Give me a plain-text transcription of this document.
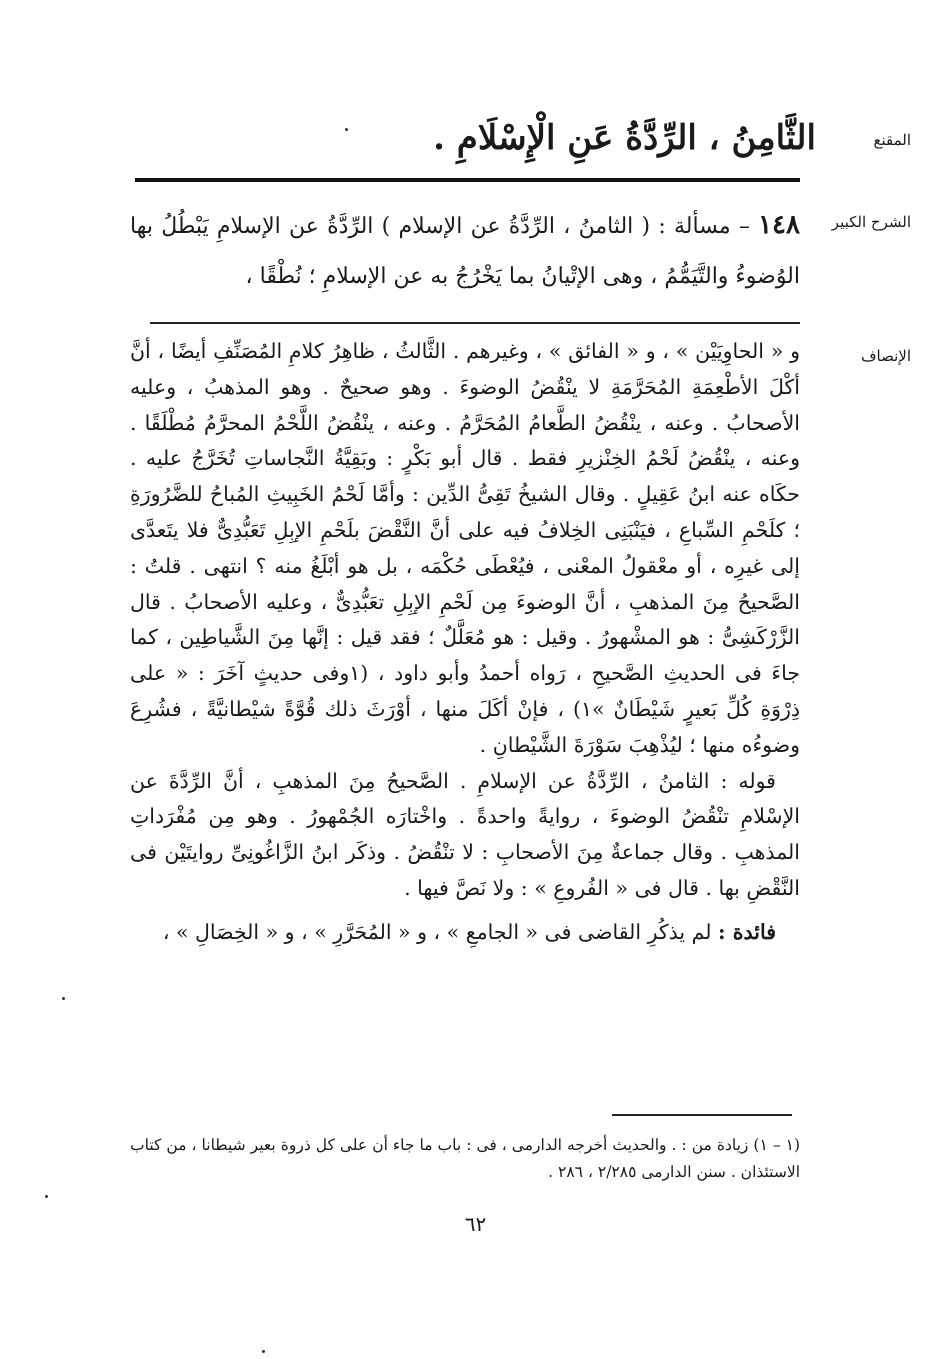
المقنع
الثَّامِنُ ، الرِّدَّةُ عَنِ الْإِسْلَامِ .
الشرح الكبير

١٤٨ – مسألة : ( الثامنُ ، الرِّدَّةُ عن الإسلام ) الرِّدَّةُ عن الإسلامِ يَبْطُلُ بها الوُضوءُ والتَّيَمُّمُ ، وهى الإتْيانُ بما يَخْرُجُ به عن الإسلامِ ؛ نُطْقًا ،

الإنصاف

و « الحاوِيَيْن » ، و « الفائق » ، وغيرهم . الثَّالثُ ، ظاهِرُ كلامِ المُصَنِّفِ أيضًا ، أنَّ أكْلَ الأطْعِمَةِ المُحَرَّمَةِ لا ينْقُضُ الوضوءَ . وهو صحيحٌ . وهو المذهبُ ، وعليه الأصحابُ . وعنه ، ينْقُضُ الطَّعامُ المُحَرَّمُ . وعنه ، ينْقُضُ اللَّحْمُ المحرَّمُ مُطْلَقًا . وعنه ، ينْقُضُ لَحْمُ الخِنْزيرِ فقط . قال أبو بَكْرٍ : وبَقِيَّةُ النَّجاساتِ تُخَرَّجُ عليه . حكَاه عنه ابنُ عَقِيلٍ . وقال الشيخُ تَقِىُّ الدِّين : وأمَّا لَحْمُ الخَبِيثِ المُباحُ للضَّرُورَةِ ؛ كلَحْمِ السِّباعِ ، فيَنْبَنِى الخِلافُ فيه على أنَّ النَّقْضَ بلَحْمِ الإبِلِ تَعَبُّدِىٌّ فلا يتَعدَّى إلى غيرِه ، أو معْقولُ المعْنى ، فيُعْطَى حُكْمَه ، بل هو أبْلَغُ منه ؟ انتهى . قلتُ : الصَّحيحُ مِنَ المذهبِ ، أنَّ الوضوءَ مِن لَحْمِ الإبِلِ تعَبُّدِىٌّ ، وعليه الأصحابُ . قال الزَّرْكَشِىُّ : هو المشْهورُ . وقيل : هو مُعَلَّلٌ ؛ فقد قيل : إنَّها مِنَ الشَّياطِين ، كما جاءَ فى الحديثِ الصَّحيحِ ، رَواه أحمدُ وأبو داود ، (١وفى حديثٍ آخَرَ : « على ذِرْوَةِ كُلِّ بَعيرٍ شَيْطَانٌ »١) ، فإنْ أكَلَ منها ، أوْرَثَ ذلك قُوَّةً شيْطانيَّةً ، فشُرِعَ وضوءُه منها ؛ ليُذْهِبَ سَوْرَةَ الشَّيْطانِ .

قوله : الثامنُ ، الرِّدَّةُ عن الإسلامِ . الصَّحيحُ مِنَ المذهبِ ، أنَّ الرِّدَّةَ عن الإسْلامِ تنْقُضُ الوضوءَ ، روايةً واحدةً . واخْتارَه الجُمْهورُ . وهو مِن مُفْرَداتِ المذهبِ . وقال جماعةٌ مِنَ الأصحابِ : لا تنْقُضُ . وذكَر ابنُ الزَّاغُونِىِّ روايتَيْن فى النَّقْضِ بها . قال فى « الفُروعِ » : ولا نَصَّ فيها .

فائدة : لم يذكُرِ القاضى فى « الجامعِ » ، و « المُحَرَّرِ » ، و « الخِصَالِ » ،

(١ – ١) زيادة من : . والحديث أخرجه الدارمى ، فى : باب ما جاء أن على كل ذروة بعير شيطانا ، من كتاب الاستئذان . سنن الدارمى ٢/٢٨٥ ، ٢٨٦ .
٦٢
